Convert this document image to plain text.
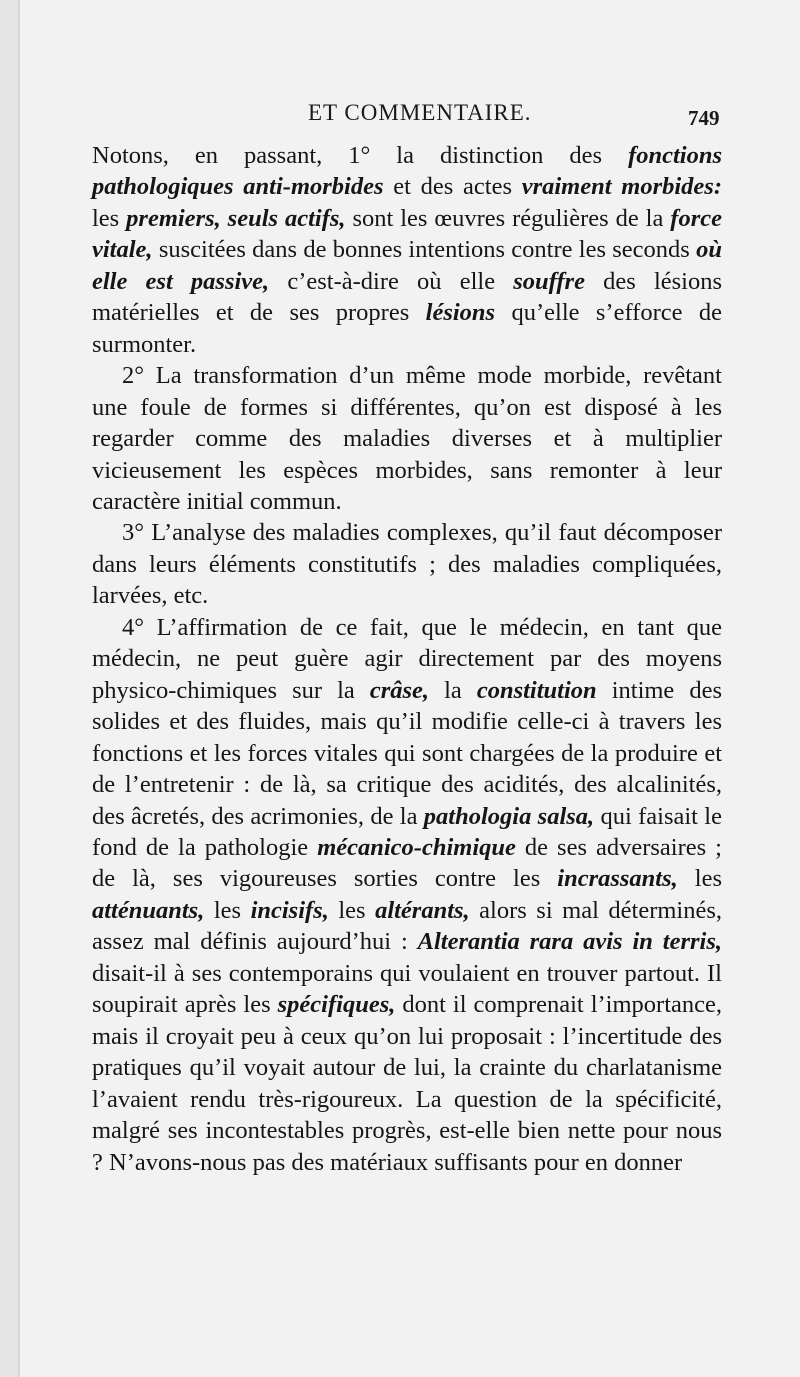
ET COMMENTAIRE.	749

Notons, en passant, 1° la distinction des fonctions pathologiques anti-morbides et des actes vraiment morbides: les premiers, seuls actifs, sont les œuvres régulières de la force vitale, suscitées dans de bonnes intentions contre les seconds où elle est passive, c’est-à-dire où elle souffre des lésions matérielles et de ses propres lésions qu’elle s’efforce de surmonter.

2° La transformation d’un même mode morbide, revêtant une foule de formes si différentes, qu’on est disposé à les regarder comme des maladies diverses et à multiplier vicieusement les espèces morbides, sans remonter à leur caractère initial commun.

3° L’analyse des maladies complexes, qu’il faut décomposer dans leurs éléments constitutifs ; des maladies compliquées, larvées, etc.

4° L’affirmation de ce fait, que le médecin, en tant que médecin, ne peut guère agir directement par des moyens physico-chimiques sur la crâse, la constitution intime des solides et des fluides, mais qu’il modifie celle-ci à travers les fonctions et les forces vitales qui sont chargées de la produire et de l’entretenir : de là, sa critique des acidités, des alcalinités, des âcretés, des acrimonies, de la pathologia salsa, qui faisait le fond de la pathologie mécanico-chimique de ses adversaires ; de là, ses vigoureuses sorties contre les incrassants, les atténuants, les incisifs, les altérants, alors si mal déterminés, assez mal définis aujourd’hui : Alterantia rara avis in terris, disait-il à ses contemporains qui voulaient en trouver partout. Il soupirait après les spécifiques, dont il comprenait l’importance, mais il croyait peu à ceux qu’on lui proposait : l’incertitude des pratiques qu’il voyait autour de lui, la crainte du charlatanisme l’avaient rendu très-rigoureux. La question de la spécificité, malgré ses incontestables progrès, est-elle bien nette pour nous ? N’avons-nous pas des matériaux suffisants pour en donner
